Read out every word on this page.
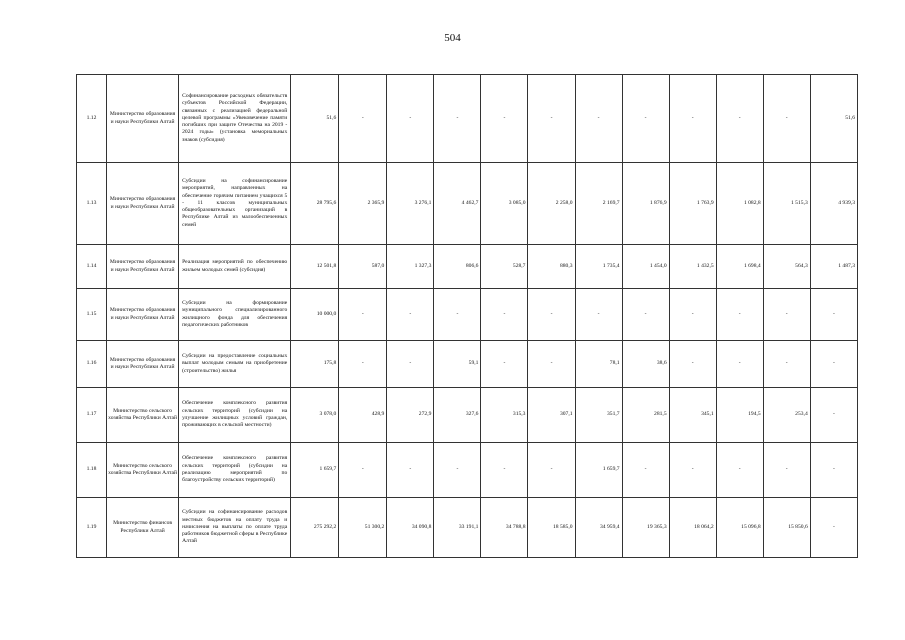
504
1.12	Министерство образования и науки Республики Алтай	Софинансирование расходных обязательств субъектов Российской Федерации, связанных с реализацией федеральной целевой программы «Увековечение памяти погибших при защите Отечества на 2019 - 2024 годы» (установка мемориальных знаков (субсидия)	51,6	-	-	-	-	-	-	-	-	-	-	51,6
1.13	Министерство образования и науки Республики Алтай	Субсидии на софинансирование мероприятий, направленных на обеспечение горячим питанием учащихся 5 - 11 классов муниципальных общеобразовательных организаций в Республике Алтай из малообеспеченных семей	28 795,6	2 365,9	3 276,1	4 462,7	3 085,0	2 258,0	2 169,7	1 876,9	1 763,9	1 082,8	1 515,3	4 939,3
1.14	Министерство образования и науки Республики Алтай	Реализация мероприятий по обеспечению жильем молодых семей (субсидия)	12 501,8	587,0	1 327,3	806,6	528,7	880,3	1 735,4	1 454,0	1 432,5	1 698,4	564,3	1 487,3
1.15	Министерство образования и науки Республики Алтай	Субсидии на формирование муниципального специализированного жилищного фонда для обеспечения педагогических работников	10 000,0	-	-	-	-	-	-	-	-	-	-	-
1.16	Министерство образования и науки Республики Алтай	Субсидии на предоставление социальных выплат молодым семьям на приобретение (строительство) жилья	175,8	-	-	59,1	-	-	78,1	38,6	-	-	-	-
1.17	Министерство сельского хозяйства Республики Алтай	Обеспечение комплексного развития сельских территорий (субсидии на улучшение жилищных условий граждан, проживающих в сельской местности)	3 078,0	428,9	272,9	327,6	315,3	307,1	351,7	281,5	345,1	194,5	253,4	-
1.18	Министерство сельского хозяйства Республики Алтай	Обеспечение комплексного развития сельских территорий (субсидии на реализацию мероприятий по благоустройству сельских территорий)	1 659,7	-	-	-	-	-	1 659,7	-	-	-	-	-
1.19	Министерство финансов Республики Алтай	Субсидии на софинансирование расходов местных бюджетов на оплату труда и начисления на выплаты по оплате труда работников бюджетной сферы в Республике Алтай	275 292,2	51 300,2	34 090,8	33 191,1	34 788,8	18 585,0	34 959,4	19 365,3	18 064,2	15 096,8	15 850,6	-
